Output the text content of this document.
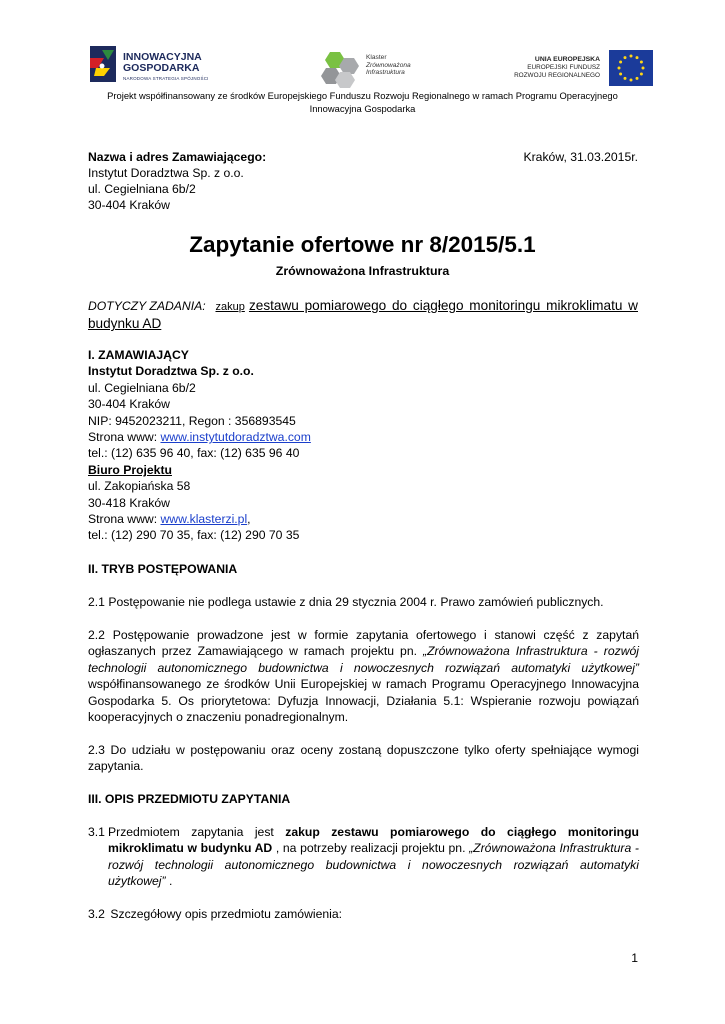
INNOWACYJNA
GOSPODARKA
NARODOWA STRATEGIA SPÓJNOŚCI
Klaster
Zrównoważona
Infrastruktura
UNIA EUROPEJSKA
EUROPEJSKI FUNDUSZ
ROZWOJU REGIONALNEGO
Projekt współfinansowany ze środków Europejskiego Funduszu Rozwoju Regionalnego w ramach Programu Operacyjnego
Innowacyjna Gospodarka
Nazwa i adres Zamawiającego:	Kraków, 31.03.2015r.
Instytut Doradztwa Sp. z o.o.
ul. Cegielniana 6b/2
30-404 Kraków
Zapytanie ofertowe nr 8/2015/5.1
Zrównoważona Infrastruktura
DOTYCZY ZADANIA: zakup zestawu pomiarowego do ciągłego monitoringu mikroklimatu w
budynku AD
I. ZAMAWIAJĄCY
Instytut Doradztwa Sp. z o.o.
ul. Cegielniana 6b/2
30-404 Kraków
NIP: 9452023211, Regon : 356893545
Strona www: www.instytutdoradztwa.com
tel.: (12) 635 96 40, fax: (12) 635 96 40
Biuro Projektu
ul. Zakopiańska 58
30-418 Kraków
Strona www: www.klasterzi.pl,
tel.: (12) 290 70 35, fax: (12) 290 70 35
II. TRYB POSTĘPOWANIA
2.1 Postępowanie nie podlega ustawie z dnia 29 stycznia 2004 r. Prawo zamówień publicznych.
2.2 Postępowanie prowadzone jest w formie zapytania ofertowego i stanowi część z zapytań ogłaszanych przez Zamawiającego w ramach projektu pn. „Zrównoważona Infrastruktura - rozwój technologii autonomicznego budownictwa i nowoczesnych rozwiązań automatyki użytkowej” współfinansowanego ze środków Unii Europejskiej w ramach Programu Operacyjnego Innowacyjna Gospodarka 5. Os priorytetowa: Dyfuzja Innowacji, Działania 5.1: Wspieranie rozwoju powiązań kooperacyjnych o znaczeniu ponadregionalnym.
2.3 Do udziału w postępowaniu oraz oceny zostaną dopuszczone tylko oferty spełniające wymogi zapytania.
III. OPIS PRZEDMIOTU ZAPYTANIA
3.1 Przedmiotem zapytania jest zakup zestawu pomiarowego do ciągłego monitoringu mikroklimatu w budynku AD , na potrzeby realizacji projektu pn. „Zrównoważona Infrastruktura - rozwój technologii autonomicznego budownictwa i nowoczesnych rozwiązań automatyki użytkowej” .
3.2 Szczegółowy opis przedmiotu zamówienia:
1
